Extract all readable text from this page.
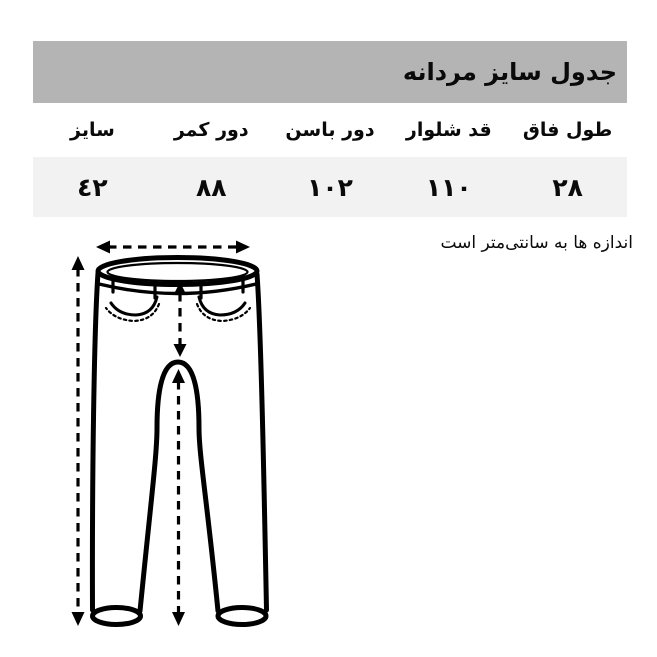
جدول سایز مردانه
طول فاق
قد شلوار
دور باسن
دور کمر
سایز
٢٨
١١٠
١٠٢
٨٨
٤٢
اندازه ها به سانتی‌متر است
